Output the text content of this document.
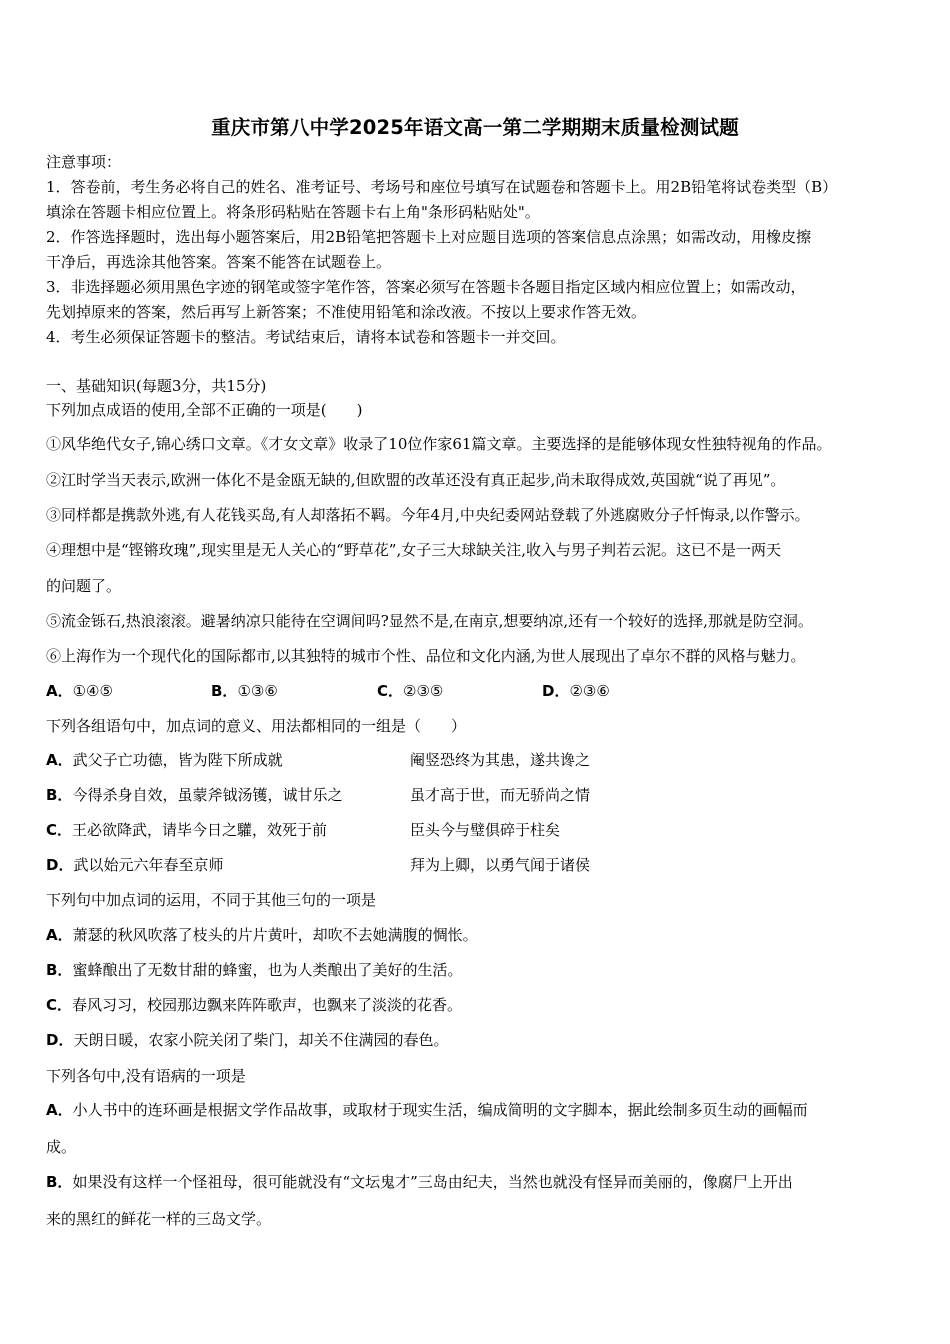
重庆市第八中学2025年语文高一第二学期期末质量检测试题
注意事项：
1．答卷前，考生务必将自己的姓名、准考证号、考场号和座位号填写在试题卷和答题卡上。用2B铅笔将试卷类型（B）
填涂在答题卡相应位置上。将条形码粘贴在答题卡右上角"条形码粘贴处"。
2．作答选择题时，选出每小题答案后，用2B铅笔把答题卡上对应题目选项的答案信息点涂黑；如需改动，用橡皮擦
干净后，再选涂其他答案。答案不能答在试题卷上。
3．非选择题必须用黑色字迹的钢笔或签字笔作答，答案必须写在答题卡各题目指定区域内相应位置上；如需改动，
先划掉原来的答案，然后再写上新答案；不准使用铅笔和涂改液。不按以上要求作答无效。
4．考生必须保证答题卡的整洁。考试结束后，请将本试卷和答题卡一并交回。
一、基础知识(每题3分，共15分)
下列加点成语的使用,全部不正确的一项是(　　)
①风华绝代女子,锦心绣口文章。《才女文章》收录了10位作家61篇文章。主要选择的是能够体现女性独特视角的作品。
②江时学当天表示,欧洲一体化不是金瓯无缺的,但欧盟的改革还没有真正起步,尚未取得成效,英国就“说了再见”。
③同样都是携款外逃,有人花钱买岛,有人却落拓不羁。今年4月,中央纪委网站登载了外逃腐败分子忏悔录,以作警示。
④理想中是“铿锵玫瑰”,现实里是无人关心的“野草花”,女子三大球缺关注,收入与男子判若云泥。这已不是一两天
的问题了。
⑤流金铄石,热浪滚滚。避暑纳凉只能待在空调间吗?显然不是,在南京,想要纳凉,还有一个较好的选择,那就是防空洞。
⑥上海作为一个现代化的国际都市,以其独特的城市个性、品位和文化内涵,为世人展现出了卓尔不群的风格与魅力。
A．①④⑤	B．①③⑥	C．②③⑤	D．②③⑥
下列各组语句中，加点词的意义、用法都相同的一组是（　　）
A．武父子亡功德，皆为陛下所成就	阉竖恐终为其患，遂共谗之
B．今得杀身自效，虽蒙斧钺汤镬，诚甘乐之	虽才高于世，而无骄尚之情
C．王必欲降武，请毕今日之驩，效死于前	臣头今与璧俱碎于柱矣
D．武以始元六年春至京师	拜为上卿，以勇气闻于诸侯
下列句中加点词的运用，不同于其他三句的一项是
A．萧瑟的秋风吹落了枝头的片片黄叶，却吹不去她满腹的惆怅。
B．蜜蜂酿出了无数甘甜的蜂蜜，也为人类酿出了美好的生活。
C．春风习习，校园那边飘来阵阵歌声，也飘来了淡淡的花香。
D．天朗日暖，农家小院关闭了柴门，却关不住满园的春色。
下列各句中,没有语病的一项是
A．小人书中的连环画是根据文学作品故事，或取材于现实生活，编成简明的文字脚本，据此绘制多页生动的画幅而
成。
B．如果没有这样一个怪祖母，很可能就没有“文坛鬼才”三岛由纪夫，当然也就没有怪异而美丽的，像腐尸上开出
来的黑红的鲜花一样的三岛文学。
